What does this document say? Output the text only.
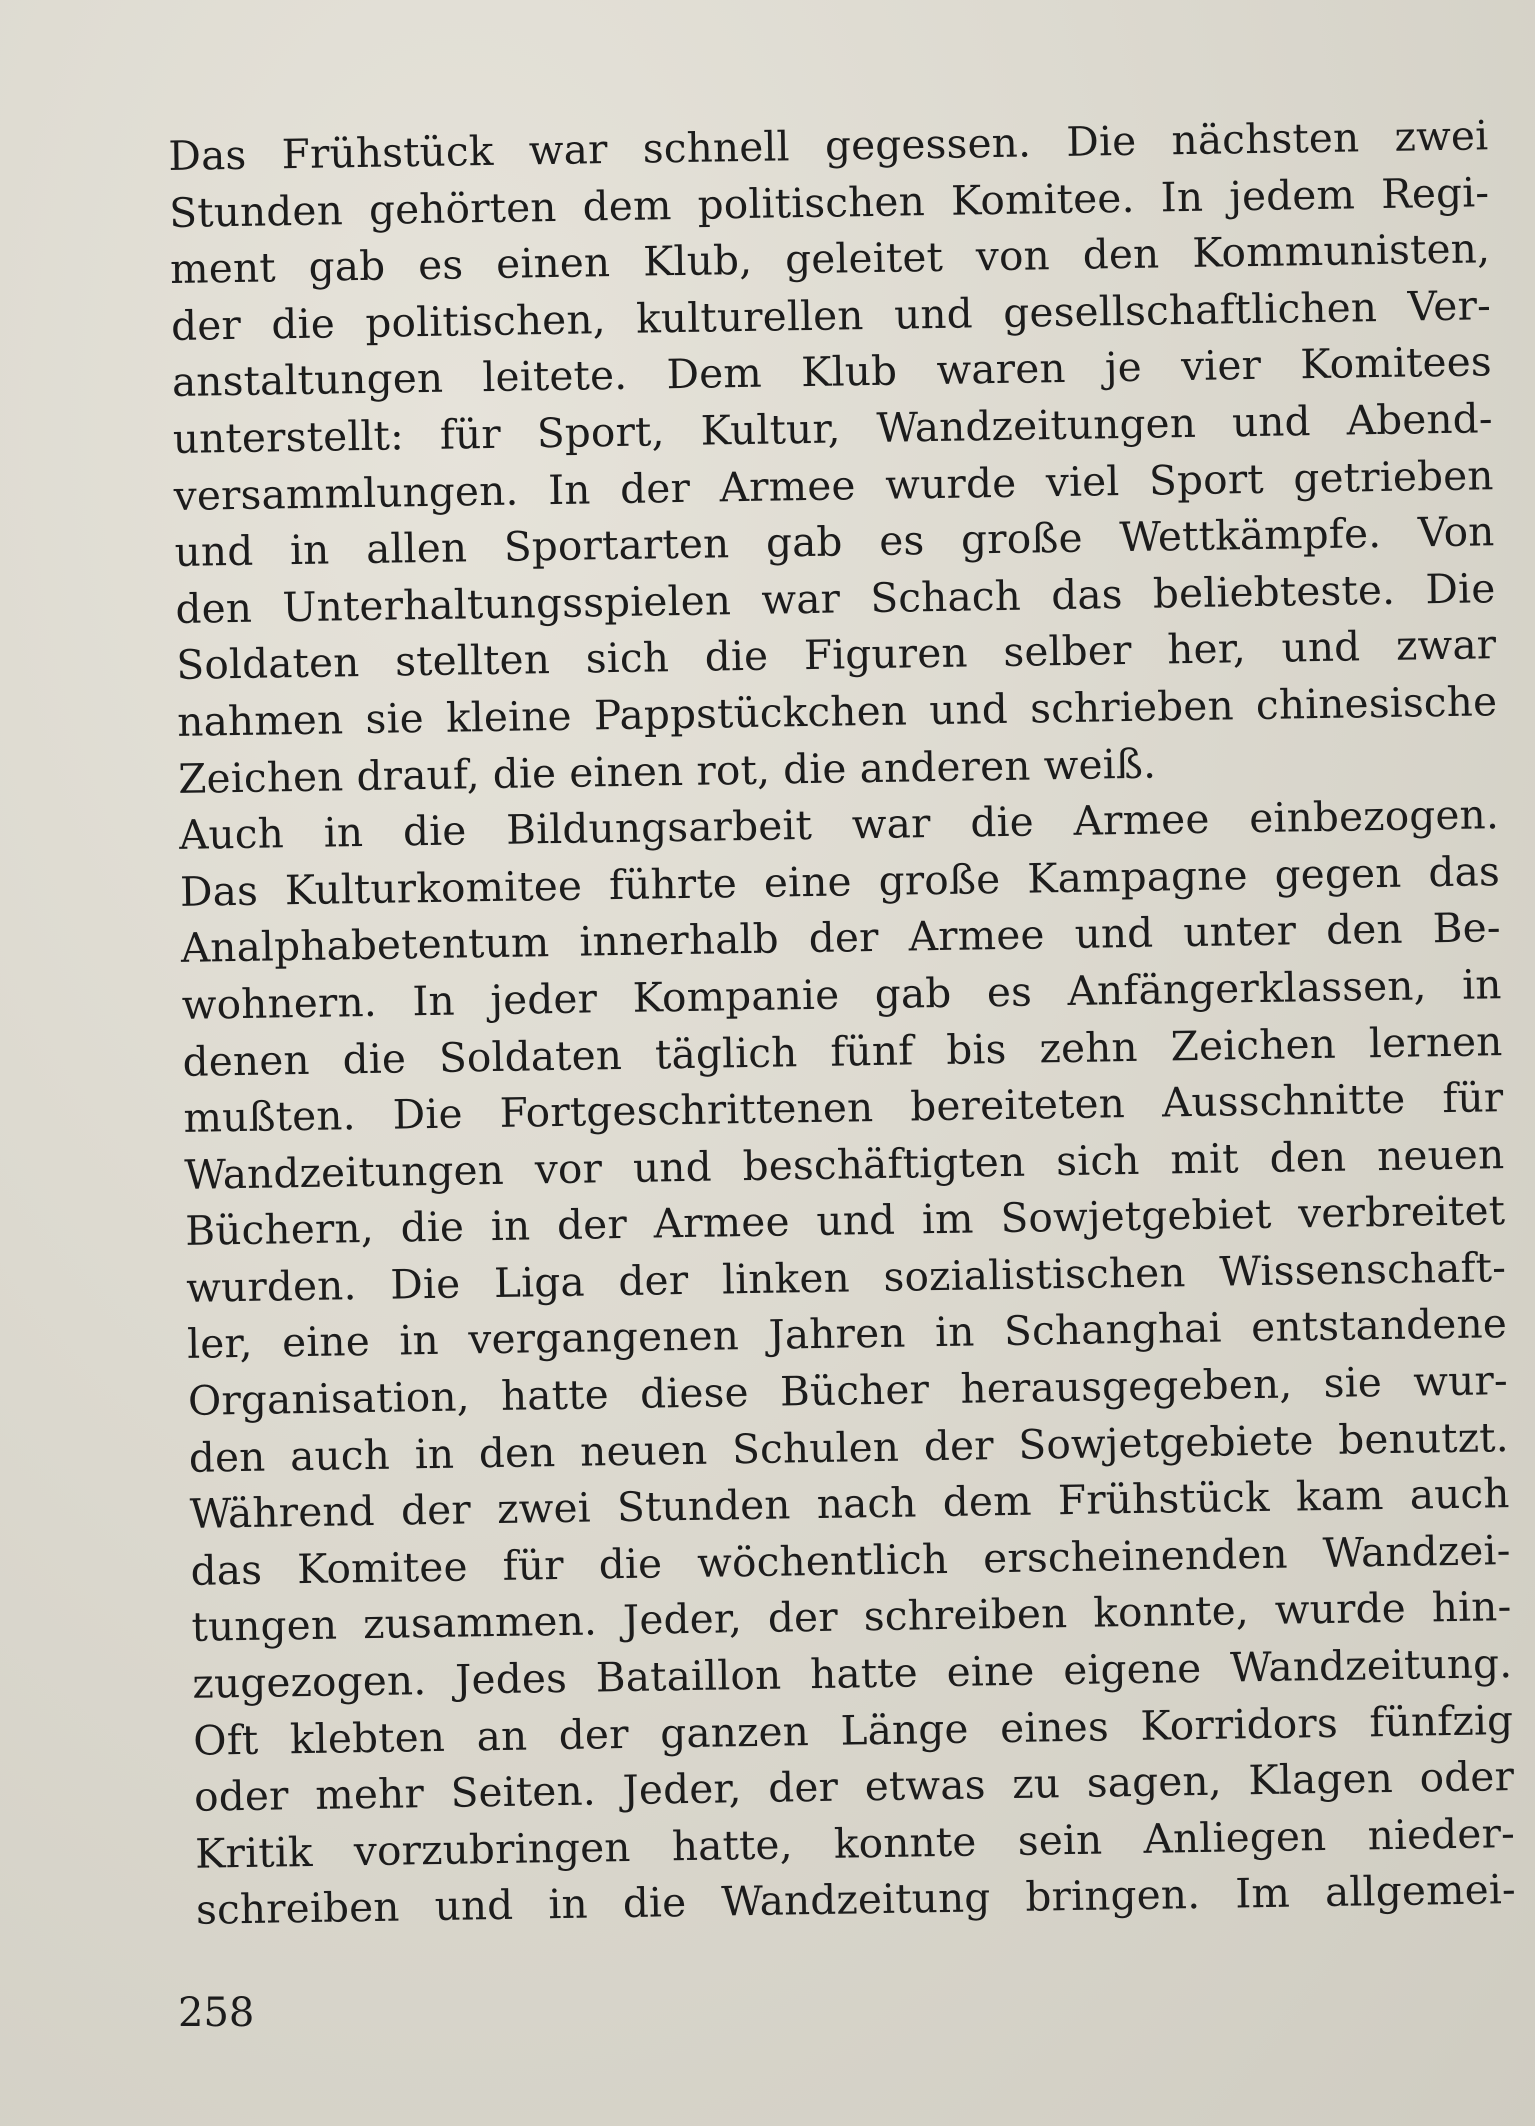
Das Frühstück war schnell gegessen. Die nächsten zwei
Stunden gehörten dem politischen Komitee. In jedem Regi-
ment gab es einen Klub, geleitet von den Kommunisten,
der die politischen, kulturellen und gesellschaftlichen Ver-
anstaltungen leitete. Dem Klub waren je vier Komitees
unterstellt: für Sport, Kultur, Wandzeitungen und Abend-
versammlungen. In der Armee wurde viel Sport getrieben
und in allen Sportarten gab es große Wettkämpfe. Von
den Unterhaltungsspielen war Schach das beliebteste. Die
Soldaten stellten sich die Figuren selber her, und zwar
nahmen sie kleine Pappstückchen und schrieben chinesische
Zeichen drauf, die einen rot, die anderen weiß.
Auch in die Bildungsarbeit war die Armee einbezogen.
Das Kulturkomitee führte eine große Kampagne gegen das
Analphabetentum innerhalb der Armee und unter den Be-
wohnern. In jeder Kompanie gab es Anfängerklassen, in
denen die Soldaten täglich fünf bis zehn Zeichen lernen
mußten. Die Fortgeschrittenen bereiteten Ausschnitte für
Wandzeitungen vor und beschäftigten sich mit den neuen
Büchern, die in der Armee und im Sowjetgebiet verbreitet
wurden. Die Liga der linken sozialistischen Wissenschaft-
ler, eine in vergangenen Jahren in Schanghai entstandene
Organisation, hatte diese Bücher herausgegeben, sie wur-
den auch in den neuen Schulen der Sowjetgebiete benutzt.
Während der zwei Stunden nach dem Frühstück kam auch
das Komitee für die wöchentlich erscheinenden Wandzei-
tungen zusammen. Jeder, der schreiben konnte, wurde hin-
zugezogen. Jedes Bataillon hatte eine eigene Wandzeitung.
Oft klebten an der ganzen Länge eines Korridors fünfzig
oder mehr Seiten. Jeder, der etwas zu sagen, Klagen oder
Kritik vorzubringen hatte, konnte sein Anliegen nieder-
schreiben und in die Wandzeitung bringen. Im allgemei-
258
